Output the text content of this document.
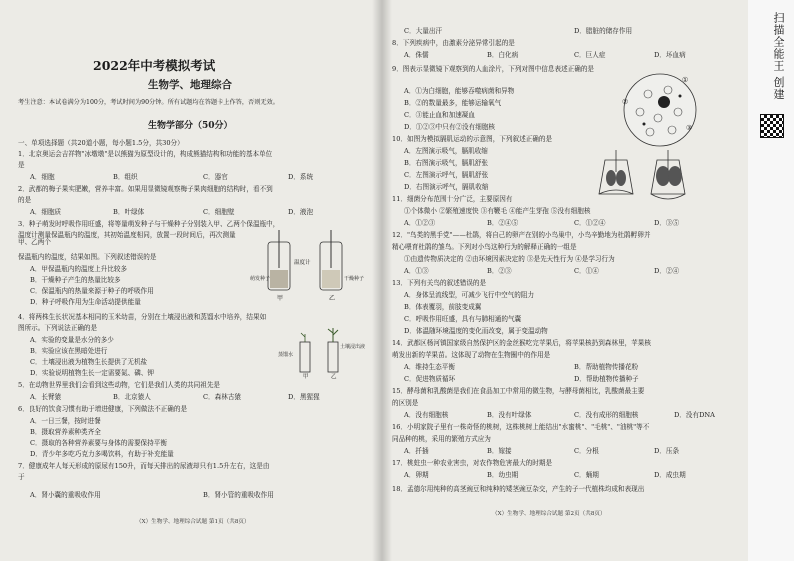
2022年中考模拟考试
生物学、地理综合
考生注意：本试卷满分为100分，考试时间为90分钟。所有试题均在答题卡上作答，否则无效。
生物学部分（50分）
一、单项选择题（共20道小题，每小题1.5分，共30分）
1．北京奥运会吉祥物"冰墩墩"是以熊猫为原型设计的，构成熊猫结构和功能的基本单位
是
A．细胞	B．组织	C．器官	D．系统
2．武都的梅子果实肥嫩，营养丰富。如果用显微镜观察梅子果肉细胞的结构时，看不到
的是
A．细胞质	B．叶绿体	C．细胞壁	D．液泡
3．种子萌发时呼吸作用旺盛，将等量萌发种子与干燥种子分别装入甲、乙两个保温瓶中，
温度计测量保温瓶内的温度，其初始温度相同，放置一段时间后，再次测量甲、乙两个
保温瓶内的温度，结果如图。下列叙述错误的是
A．甲保温瓶内的温度上升比较多
B．干燥种子产生的热量比较多
C．保温瓶内的热量来源于种子的呼吸作用
D．种子呼吸作用为生命活动提供能量
温度计
萌发种子	干燥种子
甲	乙
4．将两株生长状况基本相同的玉米幼苗，分别在土壤浸出液和蒸馏水中培养，结果如
图所示。下列说法正确的是
A．实验的变量是水分的多少
B．实验应该在黑暗处进行
C．土壤浸出液为植物生长提供了无机盐
D．实验说明植物生长一定需要氮、磷、钾
蒸馏水
土壤浸出液
甲	乙
5．在动物世界里我们会看到这些动物，它们是我们人类的共同祖先是
A．长臂猿	B．北京猿人	C．森林古猿	D．黑猩猩
6．良好的饮食习惯有助于增进健康，下列做法不正确的是
A．一日三餐，按时进餐
B．摄取营养素种类齐全
C．摄取的各种营养素要与身体的需要保持平衡
D．青少年多吃巧克力多喝饮料，有助于补充能量
7．健康成年人每天形成的原尿有150升，而每天排出的尿液却只有1.5升左右，这是由
于
A．肾小囊的重吸收作用	B．肾小管的重吸收作用
（X）生物学、地理综合试题 第1页（共8页）
C．大量出汗	D．腊脏的储存作用
8．下列疾病中，由激素分泌异常引起的是
A．侏儒	B．白化病	C．巨人症	D．坏血病
9．图表示显微镜下观察到的人血涂片，下列对图中信息表述正确的是
A．①为白细胞，能够吞噬病菌和异物
B．②的数量最多，能够运输氧气
C．③能止血和加速凝血
D．①②③中只有②没有细胞核
①
②
③
10．如图为模拟膈肌运动的示意图，下列叙述正确的是
A．左图演示吸气，膈肌收缩
B．右图演示吸气，膈肌舒张
C．左图演示呼气，膈肌舒张
D．右图演示呼气，膈肌收缩
11．细菌分布范围十分广泛，主要原因有
①个体微小 ②繁殖速度快 ③有鞭毛 ④能产生芽孢 ⑤没有细胞核
A．①②③	B．②④⑤	C．①②④	D．③⑤
12．"鸟类的黑手党"——杜鹃，将自己的卵产在别的小鸟巢中，小鸟辛勤地为杜鹃孵卵并
精心喂育杜鹃的雏鸟。下列对小鸟这种行为的解释正确的一组是
①由遗传物质决定的 ②由环境因素决定的 ③是先天性行为 ④是学习行为
A．①③	B．②③	C．①④	D．②④
13．下列有关鸟的叙述错误的是
A．身体呈流线型，可减少飞行中空气的阻力
B．体表覆羽，前肢变成翼
C．呼吸作用旺盛，具有与肺相通的气囊
D．体温随环境温度的变化而改变，属于变温动物
14．武都区杨河镇国家级自然保护区的金丝猴吃完苹果后，将苹果核扔到森林里，苹果核
萌发出新的苹果苗。这体现了动物在生物圈中的作用是
A．维持生态平衡	B．帮助植物传播花粉
C．促进物质循环	D．帮助植物传播种子
15．酵母菌和乳酸菌是我们在食品加工中常用的微生物，与酵母菌相比，乳酸菌最主要
的区别是
A．没有细胞核	B．没有叶绿体	C．没有成形的细胞核	D．没有DNA
16．小明家院子里有一株奇怪的桃树，这株桃树上能结出"水蜜桃"、"毛桃"、"油桃"等不
同品种的桃，采用的繁殖方式应为
A．扦插	B．嫁接	C．分根	D．压条
17．桃蛀虫一种农业害虫，对农作物危害最大的时期是
A．卵期	B．幼虫期	C．蛹期	D．成虫期
18．孟德尔用纯种的高茎豌豆和纯种的矮茎豌豆杂交，产生的子一代植株均成和表现出
（X）生物学、地理综合试题 第2页（共8页）
扫描全能王 创建
